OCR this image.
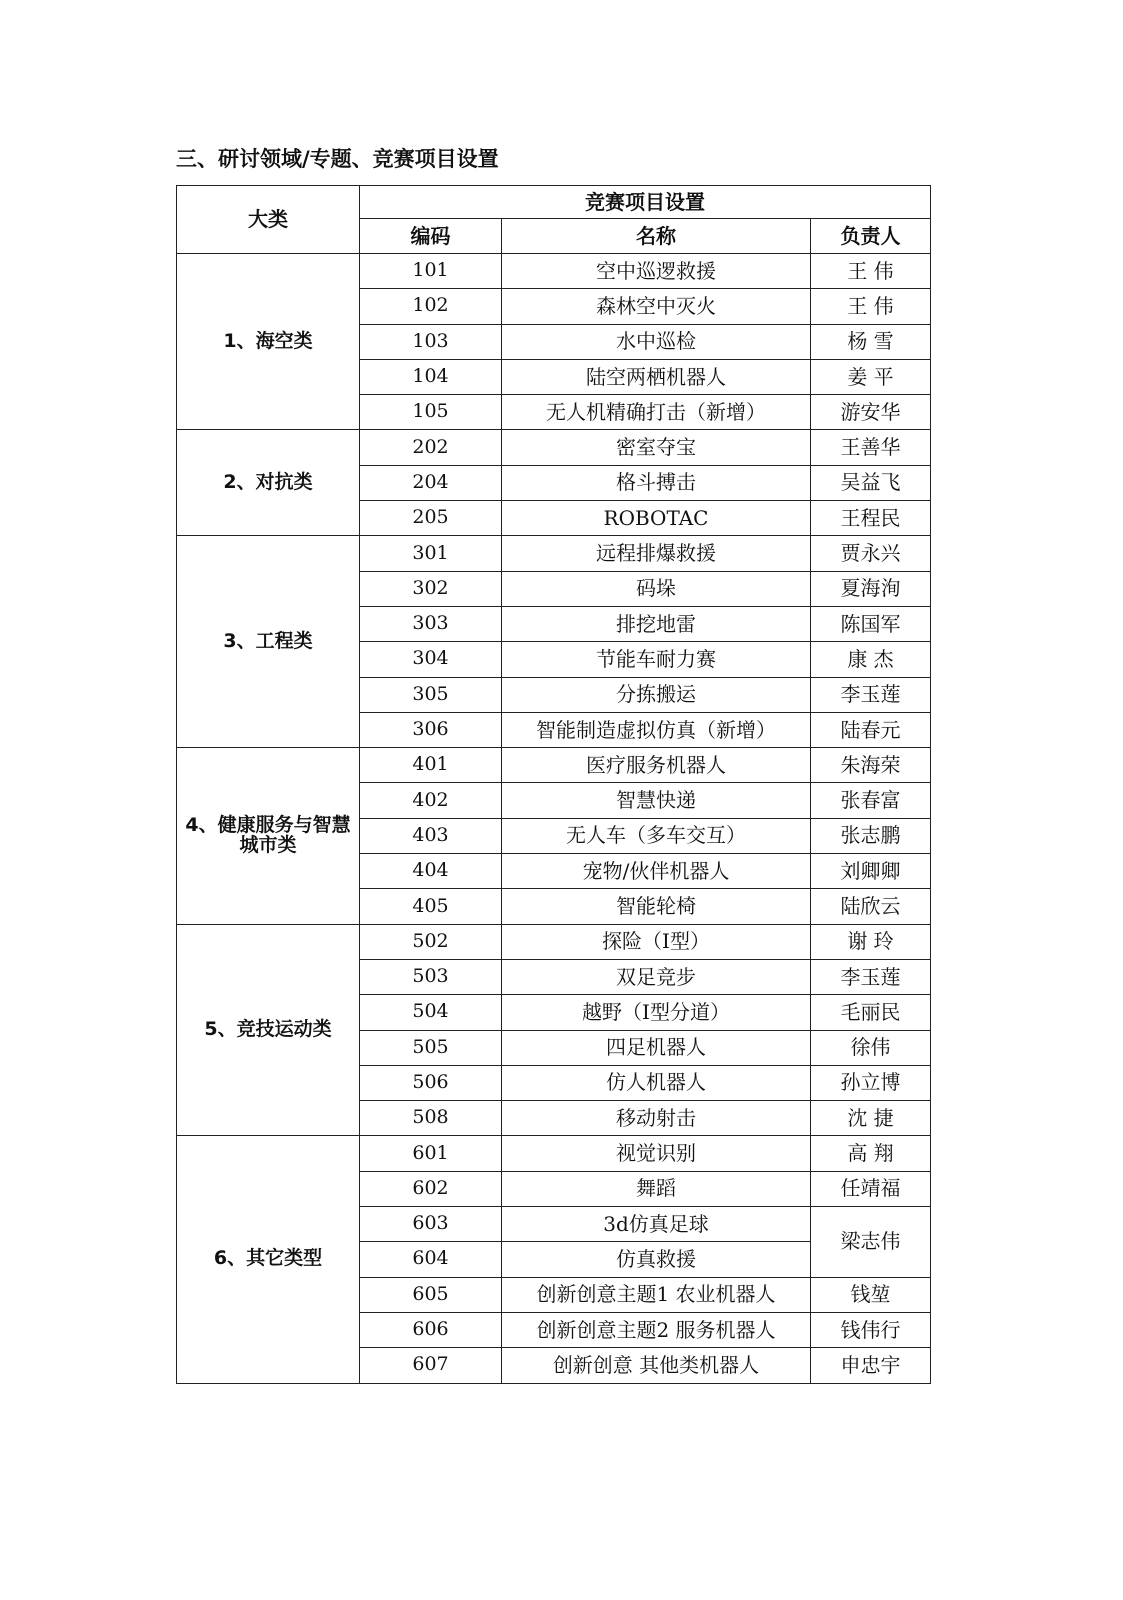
三、研讨领域/专题、竞赛项目设置
大类	竞赛项目设置		
	编码	名称	负责人
1、海空类	101	空中巡逻救援	王 伟
	102	森林空中灭火	王 伟
	103	水中巡检	杨 雪
	104	陆空两栖机器人	姜 平
	105	无人机精确打击（新增）	游安华
2、对抗类	202	密室夺宝	王善华
	204	格斗搏击	吴益飞
	205	ROBOTAC	王程民
3、工程类	301	远程排爆救援	贾永兴
	302	码垛	夏海洵
	303	排挖地雷	陈国军
	304	节能车耐力赛	康 杰
	305	分拣搬运	李玉莲
	306	智能制造虚拟仿真（新增）	陆春元
4、健康服务与智慧城市类	401	医疗服务机器人	朱海荣
	402	智慧快递	张春富
	403	无人车（多车交互）	张志鹏
	404	宠物/伙伴机器人	刘卿卿
	405	智能轮椅	陆欣云
5、竞技运动类	502	探险（I型）	谢 玲
	503	双足竞步	李玉莲
	504	越野（I型分道）	毛丽民
	505	四足机器人	徐伟
	506	仿人机器人	孙立博
	508	移动射击	沈 捷
6、其它类型	601	视觉识别	高 翔
	602	舞蹈	任靖福
	603	3d仿真足球	梁志伟
	604	仿真救援	
	605	创新创意主题1 农业机器人	钱堃
	606	创新创意主题2 服务机器人	钱伟行
	607	创新创意 其他类机器人	申忠宇
